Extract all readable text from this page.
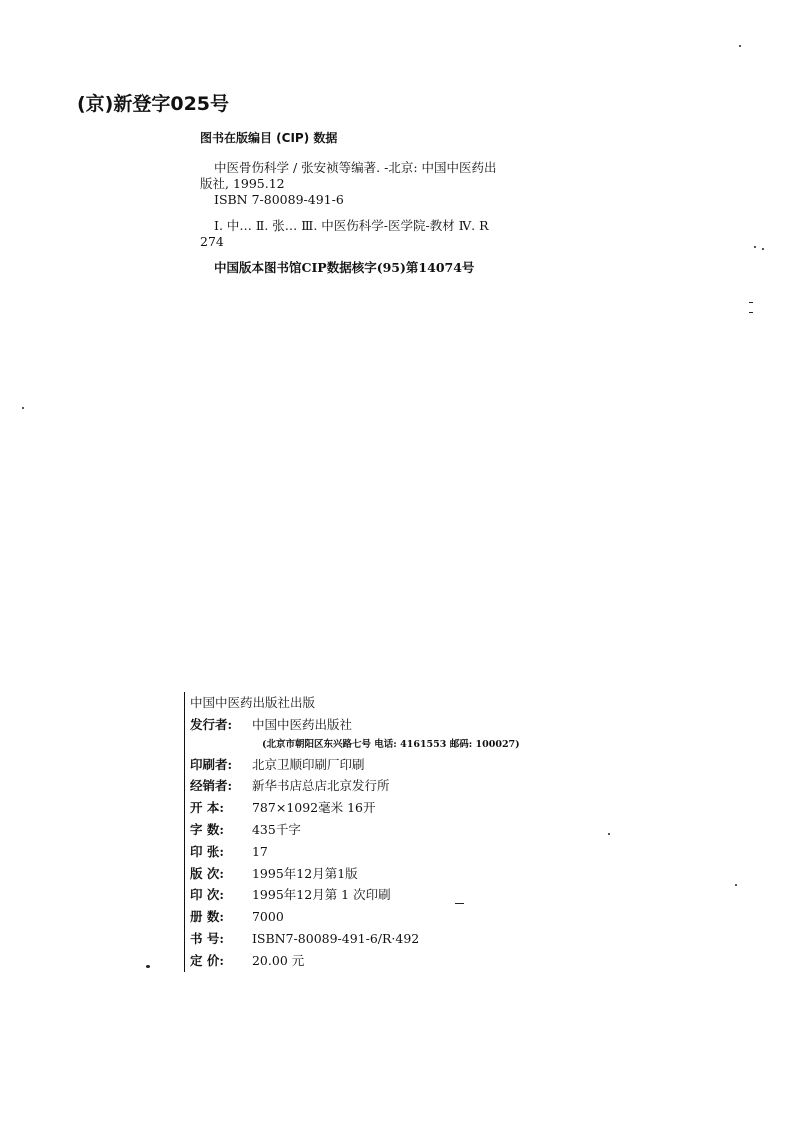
(京)新登字025号
图书在版编目 (CIP) 数据
中医骨伤科学 / 张安祯等编著. -北京: 中国中医药出
版社, 1995.12
ISBN 7-80089-491-6
Ⅰ. 中… Ⅱ. 张… Ⅲ. 中医伤科学-医学院-教材 Ⅳ. R
274
中国版本图书馆CIP数据核字(95)第14074号
中国中医药出版社出版
发行者: 中国中医药出版社
(北京市朝阳区东兴路七号 电话: 4161553 邮码: 100027)
印刷者: 北京卫顺印刷厂印刷
经销者: 新华书店总店北京发行所
开 本: 787×1092毫米 16开
字 数: 435千字
印 张: 17
版 次: 1995年12月第1版
印 次: 1995年12月第 1 次印刷
册 数: 7000
书 号: ISBN7-80089-491-6/R·492
定 价: 20.00 元
